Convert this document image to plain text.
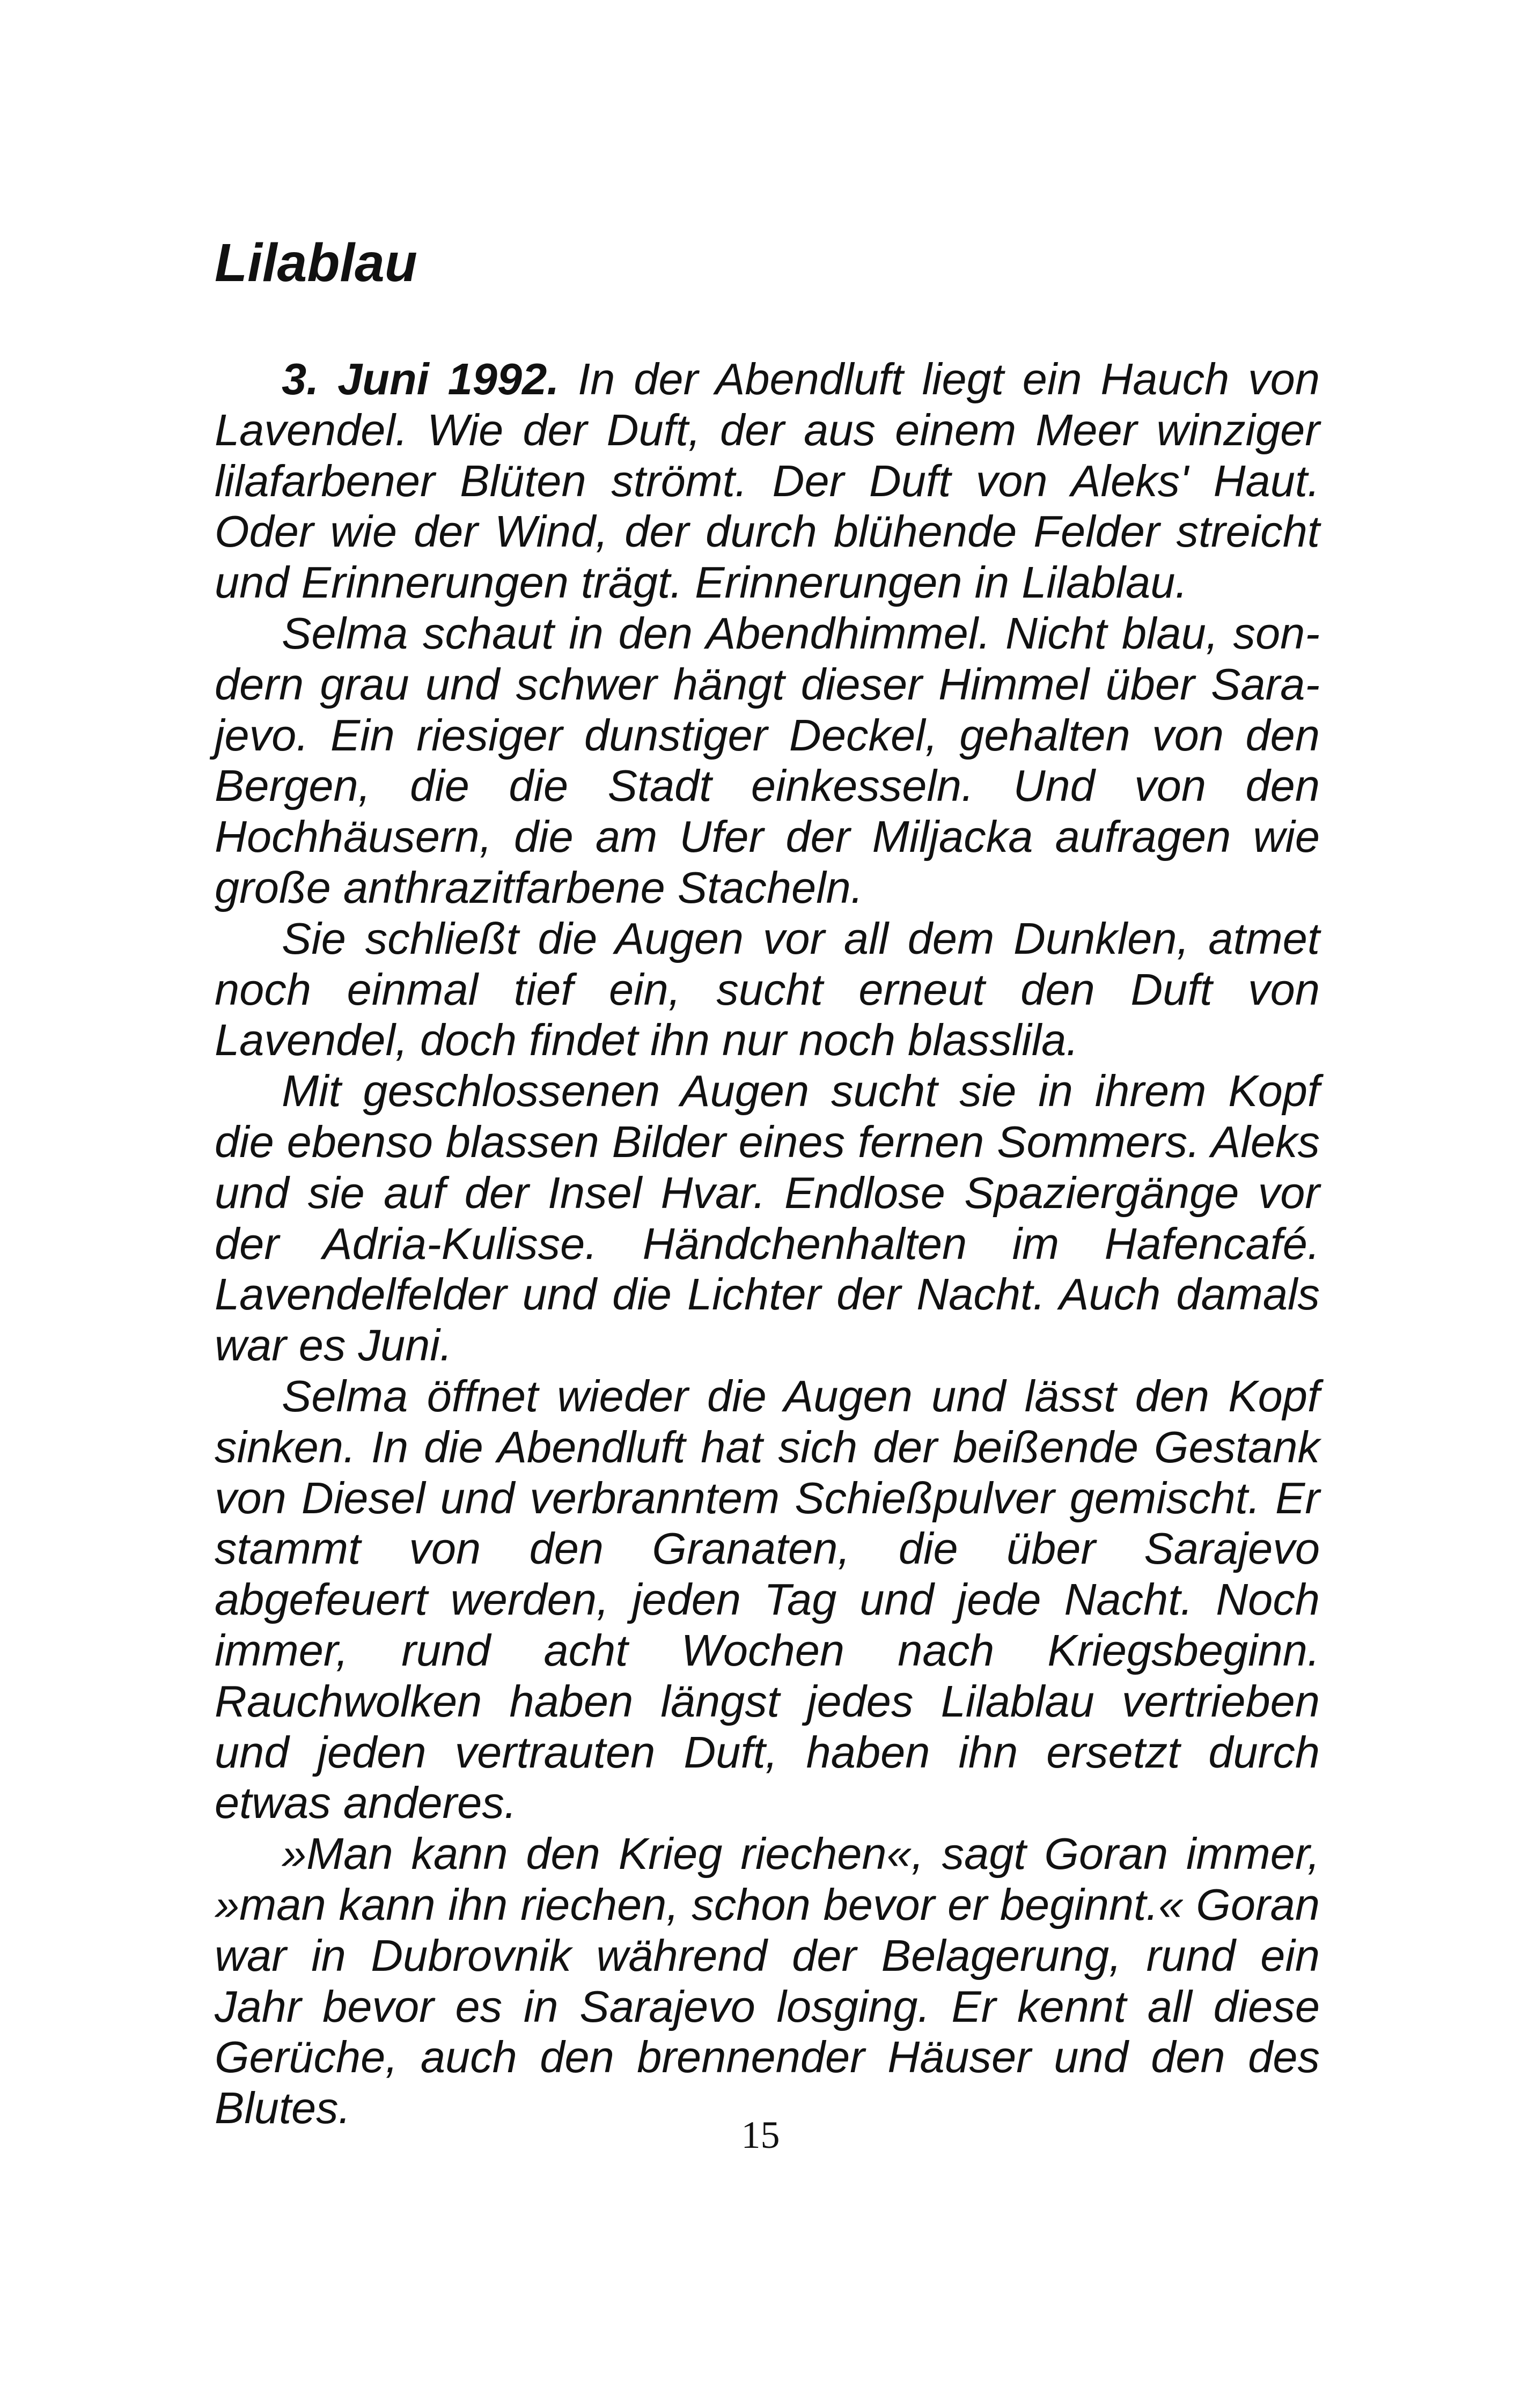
Lilablau

3. Juni 1992. In der Abendluft liegt ein Hauch von Lavendel. Wie der Duft, der aus einem Meer winziger lilafarbener Blüten strömt. Der Duft von Aleks' Haut. Oder wie der Wind, der durch blühende Felder streicht und Erinnerungen trägt. Erinnerungen in Lilablau.

Selma schaut in den Abendhimmel. Nicht blau, sondern grau und schwer hängt dieser Himmel über Sarajevo. Ein riesiger dunstiger Deckel, gehalten von den Bergen, die die Stadt einkesseln. Und von den Hochhäusern, die am Ufer der Miljacka aufragen wie große anthrazitfarbene Stacheln.

Sie schließt die Augen vor all dem Dunklen, atmet noch einmal tief ein, sucht erneut den Duft von Lavendel, doch findet ihn nur noch blasslila.

Mit geschlossenen Augen sucht sie in ihrem Kopf die ebenso blassen Bilder eines fernen Sommers. Aleks und sie auf der Insel Hvar. Endlose Spaziergänge vor der Adria-Kulisse. Händchenhalten im Hafencafé. Lavendelfelder und die Lichter der Nacht. Auch damals war es Juni.

Selma öffnet wieder die Augen und lässt den Kopf sinken. In die Abendluft hat sich der beißende Gestank von Diesel und verbranntem Schießpulver gemischt. Er stammt von den Granaten, die über Sarajevo abgefeuert werden, jeden Tag und jede Nacht. Noch immer, rund acht Wochen nach Kriegsbeginn. Rauchwolken haben längst jedes Lilablau vertrieben und jeden vertrauten Duft, haben ihn ersetzt durch etwas anderes.

»Man kann den Krieg riechen«, sagt Goran immer, »man kann ihn riechen, schon bevor er beginnt.« Goran war in Dubrovnik während der Belagerung, rund ein Jahr bevor es in Sarajevo losging. Er kennt all diese Gerüche, auch den brennender Häuser und den des Blutes.

15
